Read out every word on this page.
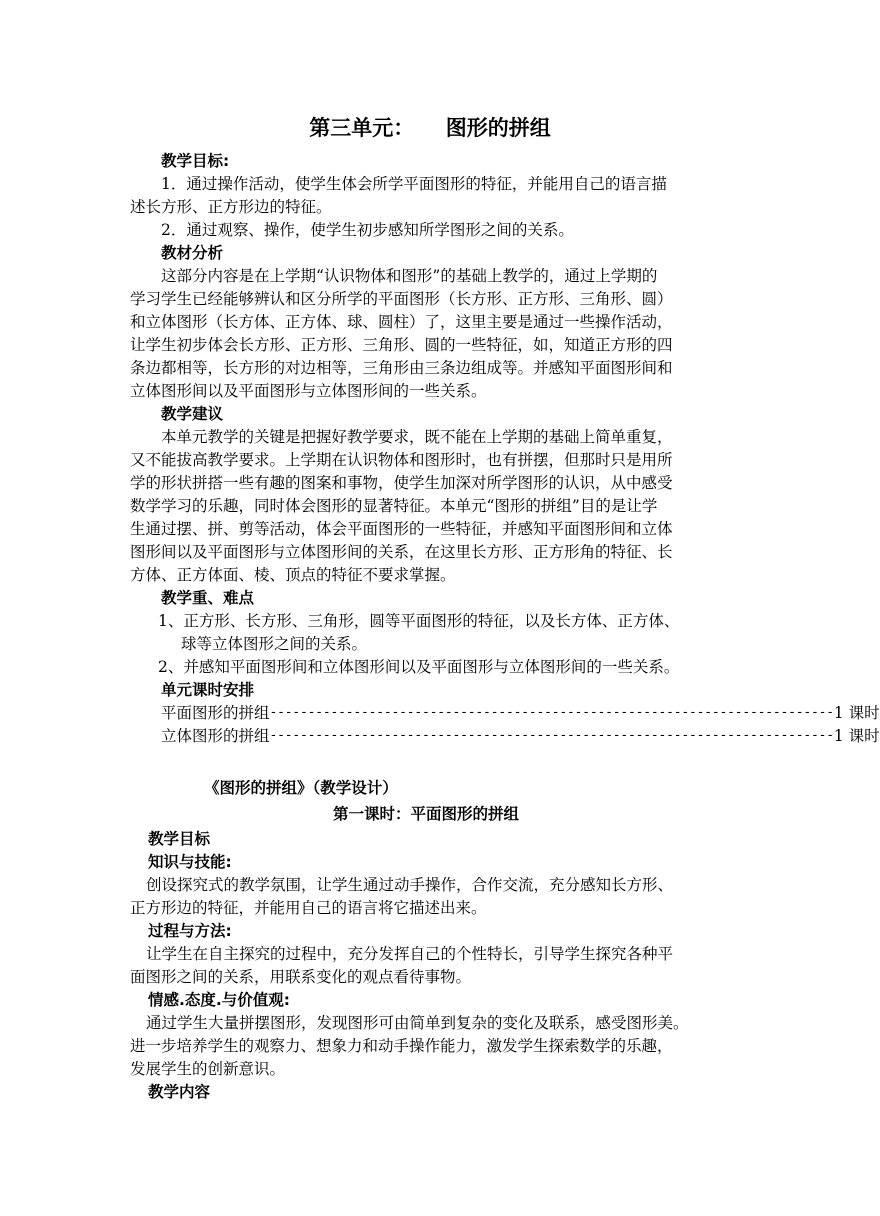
第三单元：　　图形的拼组
教学目标:
1．通过操作活动，使学生体会所学平面图形的特征，并能用自己的语言描
述长方形、正方形边的特征。
2．通过观察、操作，使学生初步感知所学图形之间的关系。
教材分析
这部分内容是在上学期“认识物体和图形”的基础上教学的，通过上学期的
学习学生已经能够辨认和区分所学的平面图形（长方形、正方形、三角形、圆）
和立体图形（长方体、正方体、球、圆柱）了，这里主要是通过一些操作活动，
让学生初步体会长方形、正方形、三角形、圆的一些特征，如，知道正方形的四
条边都相等，长方形的对边相等，三角形由三条边组成等。并感知平面图形间和
立体图形间以及平面图形与立体图形间的一些关系。
教学建议
本单元教学的关键是把握好教学要求，既不能在上学期的基础上简单重复，
又不能拔高教学要求。上学期在认识物体和图形时，也有拼摆，但那时只是用所
学的形状拼搭一些有趣的图案和事物，使学生加深对所学图形的认识，从中感受
数学学习的乐趣，同时体会图形的显著特征。本单元“图形的拼组”目的是让学
生通过摆、拼、剪等活动，体会平面图形的一些特征，并感知平面图形间和立体
图形间以及平面图形与立体图形间的关系，在这里长方形、正方形角的特征、长
方体、正方体面、棱、顶点的特征不要求掌握。
教学重、难点
1、正方形、长方形、三角形，圆等平面图形的特征，以及长方体、正方体、
球等立体图形之间的关系。
2、并感知平面图形间和立体图形间以及平面图形与立体图形间的一些关系。
单元课时安排
平面图形的拼组 -------------------------------------------------------------------------- 1 课时
立体图形的拼组 -------------------------------------------------------------------------- 1 课时
《图形的拼组》（教学设计）
第一课时：平面图形的拼组
教学目标
知识与技能:
创设探究式的教学氛围，让学生通过动手操作，合作交流，充分感知长方形、
正方形边的特征，并能用自己的语言将它描述出来。
过程与方法:
让学生在自主探究的过程中，充分发挥自己的个性特长，引导学生探究各种平
面图形之间的关系，用联系变化的观点看待事物。
情感.态度.与价值观:
通过学生大量拼摆图形，发现图形可由简单到复杂的变化及联系，感受图形美。
进一步培养学生的观察力、想象力和动手操作能力，激发学生探索数学的乐趣，
发展学生的创新意识。
教学内容
